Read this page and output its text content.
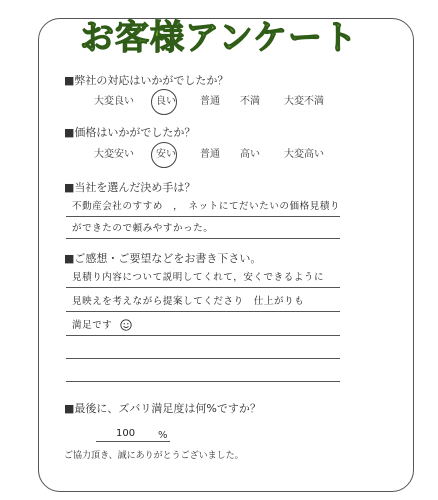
お客様アンケート
■弊社の対応はいかがでしたか？
大変良い 良い 普通 不満 大変不満
■価格はいかがでしたか？
大変安い 安い 普通 高い 大変高い
■当社を選んだ決め手は？
不動産会社のすすめ　，　ネットにてだいたいの価格見積り
ができたので頼みやすかった。
■ご感想・ご要望などをお書き下さい。
見積り内容について説明してくれて，安くできるように
見映えを考えながら提案してくださり　仕上がりも
満足です
■最後に、ズバリ満足度は何%ですか？
100 %
ご協力頂き、誠にありがとうございました。
